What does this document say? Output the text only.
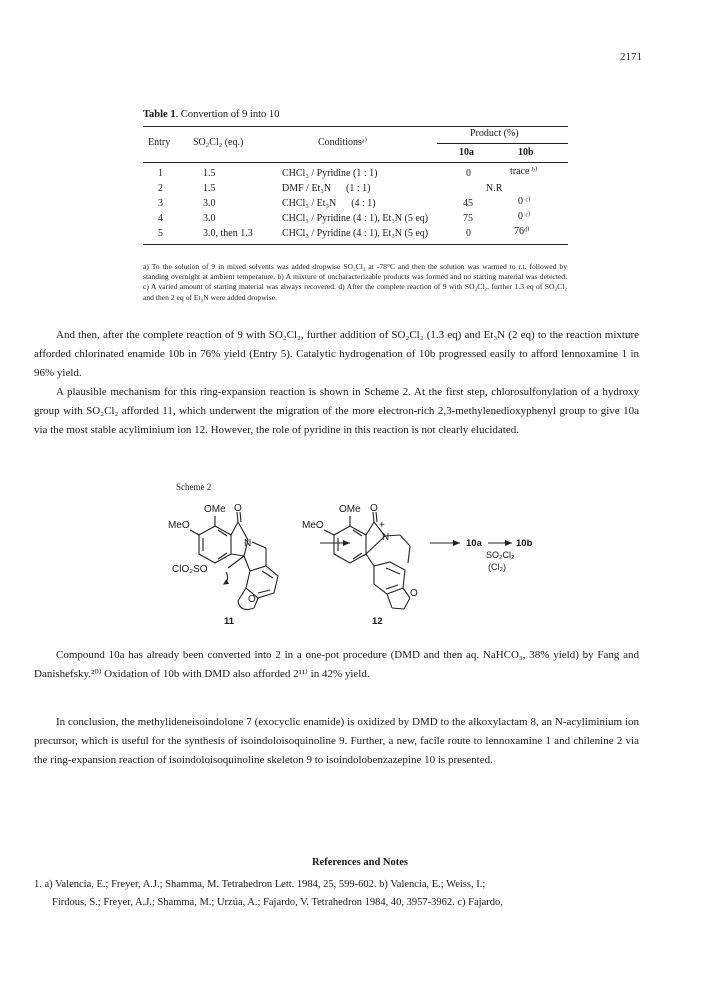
2171
Table 1. Convertion of 9 into 10
Entry SO₂Cl₂ (eq.)	Conditionsᵃ⁾
Product (%)
10a	10b
1	1.5	CHCl₃ / Pyridine (1 : 1)	0	trace ᵇ⁾
2	1.5	DMF / Et₃N      (1 : 1)	N.R
3	3.0	CHCl₃ / Et₃N      (4 : 1)	45	0 ᶜ⁾
4	3.0	CHCl₃ / Pyridine (4 : 1), Et₃N (5 eq)	75	0 ᶜ⁾
5	3.0, then 1.3	CHCl₃ / Pyridine (4 : 1), Et₃N (5 eq)	0	76ᵈ⁾
a) To the solution of 9 in mixed solvents was added dropwise SO₂Cl₂ at -78°C and then the solution was warmed to r.t. followed by standing overnight at ambient temperature. b) A mixture of uncharacterizable products was formed and no starting material was detected. c) A varied amount of starting material was always recovered. d) After the complete reaction of 9 with SO₂Cl₂, further 1.3 eq of SO₂Cl₂ and then 2 eq of Et₃N were added dropwise.
And then, after the complete reaction of 9 with SO₂Cl₂, further addition of SO₂Cl₂ (1.3 eq) and Et₃N (2 eq) to the reaction mixture afforded chlorinated enamide 10b in 76% yield (Entry 5). Catalytic hydrogenation of 10b progressed easily to afford lennoxamine 1 in 96% yield.
A plausible mechanism for this ring-expansion reaction is shown in Scheme 2. At the first step, chlorosulfonylation of a hydroxy group with SO₂Cl₂ afforded 11, which underwent the migration of the more electron-rich 2,3-methylenedioxyphenyl group to give 10a via the most stable acyliminium ion 12. However, the role of pyridine in this reaction is not clearly elucidated.
Scheme 2
OMe O
MeO
N
ClO₂SO
O
OMe O
MeO	+
N
O
10a	10b
11	12
SO₂Cl₂
(Cl₂)
Compound 10a has already been converted into 2 in a one-pot procedure (DMD and then aq. NaHCO₃, 38% yield) by Fang and Danishefsky.²⁰⁾ Oxidation of 10b with DMD also afforded 2¹¹⁾ in 42% yield.
In conclusion, the methylideneisoindolone 7 (exocyclic enamide) is oxidized by DMD to the alkoxylactam 8, an N-acyliminium ion precursor, which is useful for the synthesis of isoindoloisoquinoline 9. Further, a new, facile route to lennoxamine 1 and chilenine 2 via the ring-expansion reaction of isoindoloisoquinoline skeleton 9 to isoindolobenzazepine 10 is presented.
References and Notes
1. a) Valencia, E.; Freyer, A.J.; Shamma, M. Tetrahedron Lett. 1984, 25, 599-602. b) Valencia, E.; Weiss, I.;
Firdous, S.; Freyer, A.J.; Shamma, M.; Urzúa, A.; Fajardo, V. Tetrahedron 1984, 40, 3957-3962. c) Fajardo,
